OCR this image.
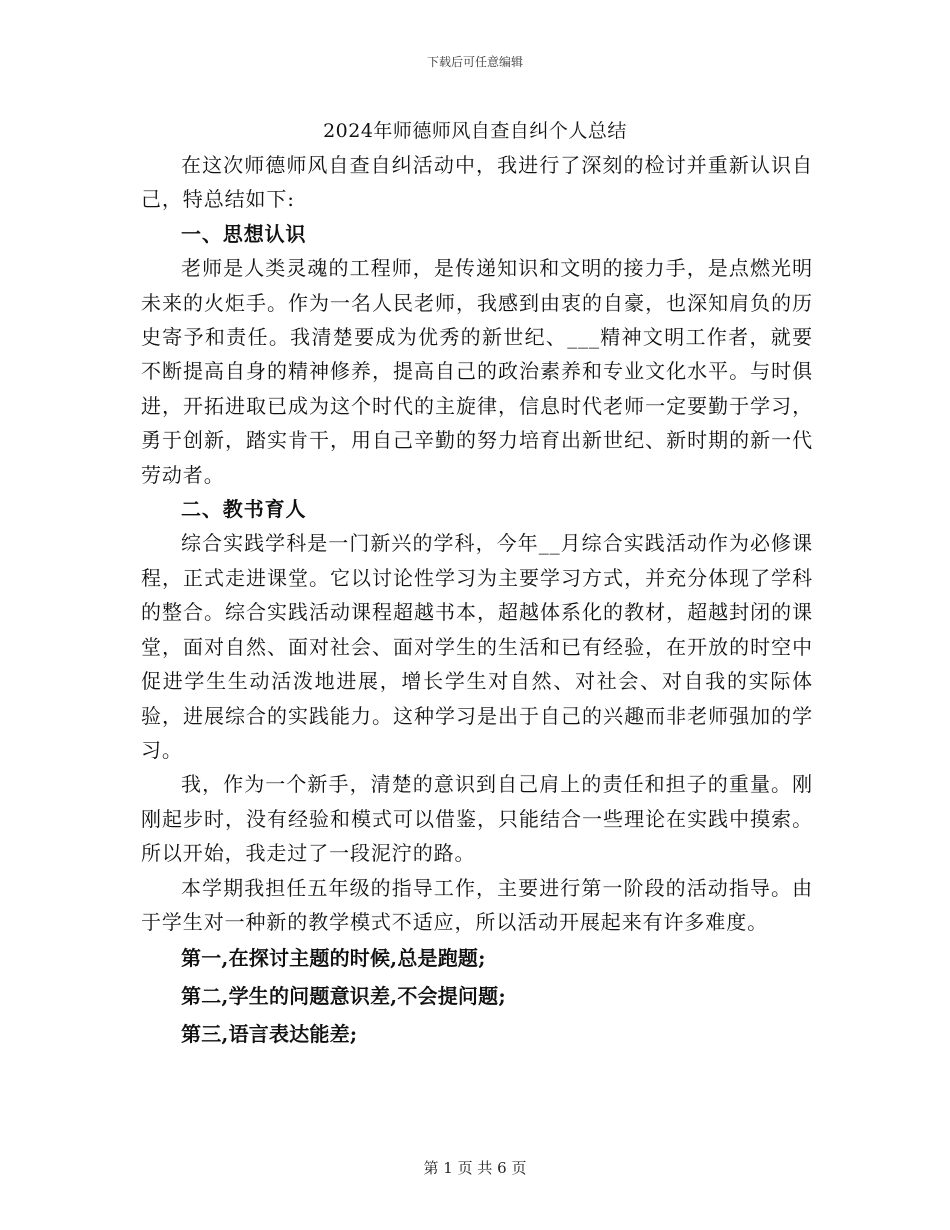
下载后可任意编辑
2024年师德师风自查自纠个人总结

在这次师德师风自查自纠活动中，我进行了深刻的检讨并重新认识自己，特总结如下:

一、思想认识

老师是人类灵魂的工程师，是传递知识和文明的接力手，是点燃光明未来的火炬手。作为一名人民老师，我感到由衷的自豪，也深知肩负的历史寄予和责任。我清楚要成为优秀的新世纪、___精神文明工作者，就要不断提高自身的精神修养，提高自己的政治素养和专业文化水平。与时俱进，开拓进取已成为这个时代的主旋律，信息时代老师一定要勤于学习，勇于创新，踏实肯干，用自己辛勤的努力培育出新世纪、新时期的新一代劳动者。

二、教书育人

综合实践学科是一门新兴的学科，今年__月综合实践活动作为必修课程，正式走进课堂。它以讨论性学习为主要学习方式，并充分体现了学科的整合。综合实践活动课程超越书本，超越体系化的教材，超越封闭的课堂，面对自然、面对社会、面对学生的生活和已有经验，在开放的时空中促进学生生动活泼地进展，增长学生对自然、对社会、对自我的实际体验，进展综合的实践能力。这种学习是出于自己的兴趣而非老师强加的学习。

我，作为一个新手，清楚的意识到自己肩上的责任和担子的重量。刚刚起步时，没有经验和模式可以借鉴，只能结合一些理论在实践中摸索。所以开始，我走过了一段泥泞的路。

本学期我担任五年级的指导工作，主要进行第一阶段的活动指导。由于学生对一种新的教学模式不适应，所以活动开展起来有许多难度。

第一,在探讨主题的时候,总是跑题;

第二,学生的问题意识差,不会提问题;

第三,语言表达能差;

第 1 页 共 6 页
